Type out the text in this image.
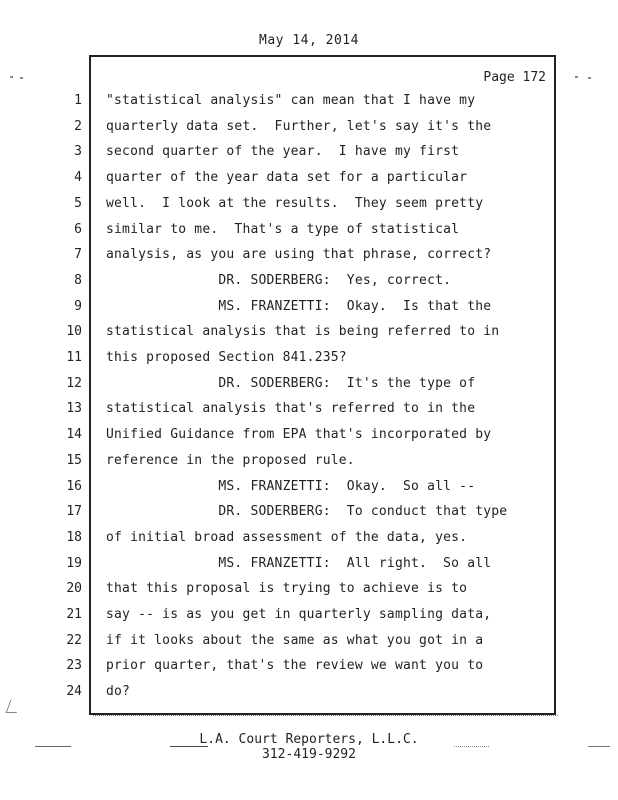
May 14, 2014
Page 172
1 "statistical analysis" can mean that I have my
2 quarterly data set.  Further, let's say it's the
3 second quarter of the year.  I have my first
4 quarter of the year data set for a particular
5 well.  I look at the results.  They seem pretty
6 similar to me.  That's a type of statistical
7 analysis, as you are using that phrase, correct?
8 DR. SODERBERG:  Yes, correct.
9 MS. FRANZETTI:  Okay.  Is that the
10 statistical analysis that is being referred to in
11 this proposed Section 841.235?
12 DR. SODERBERG:  It's the type of
13 statistical analysis that's referred to in the
14 Unified Guidance from EPA that's incorporated by
15 reference in the proposed rule.
16 MS. FRANZETTI:  Okay.  So all --
17 DR. SODERBERG:  To conduct that type
18 of initial broad assessment of the data, yes.
19 MS. FRANZETTI:  All right.  So all
20 that this proposal is trying to achieve is to
21 say -- is as you get in quarterly sampling data,
22 if it looks about the same as what you got in a
23 prior quarter, that's the review we want you to
24 do?
L.A. Court Reporters, L.L.C.
312-419-9292
